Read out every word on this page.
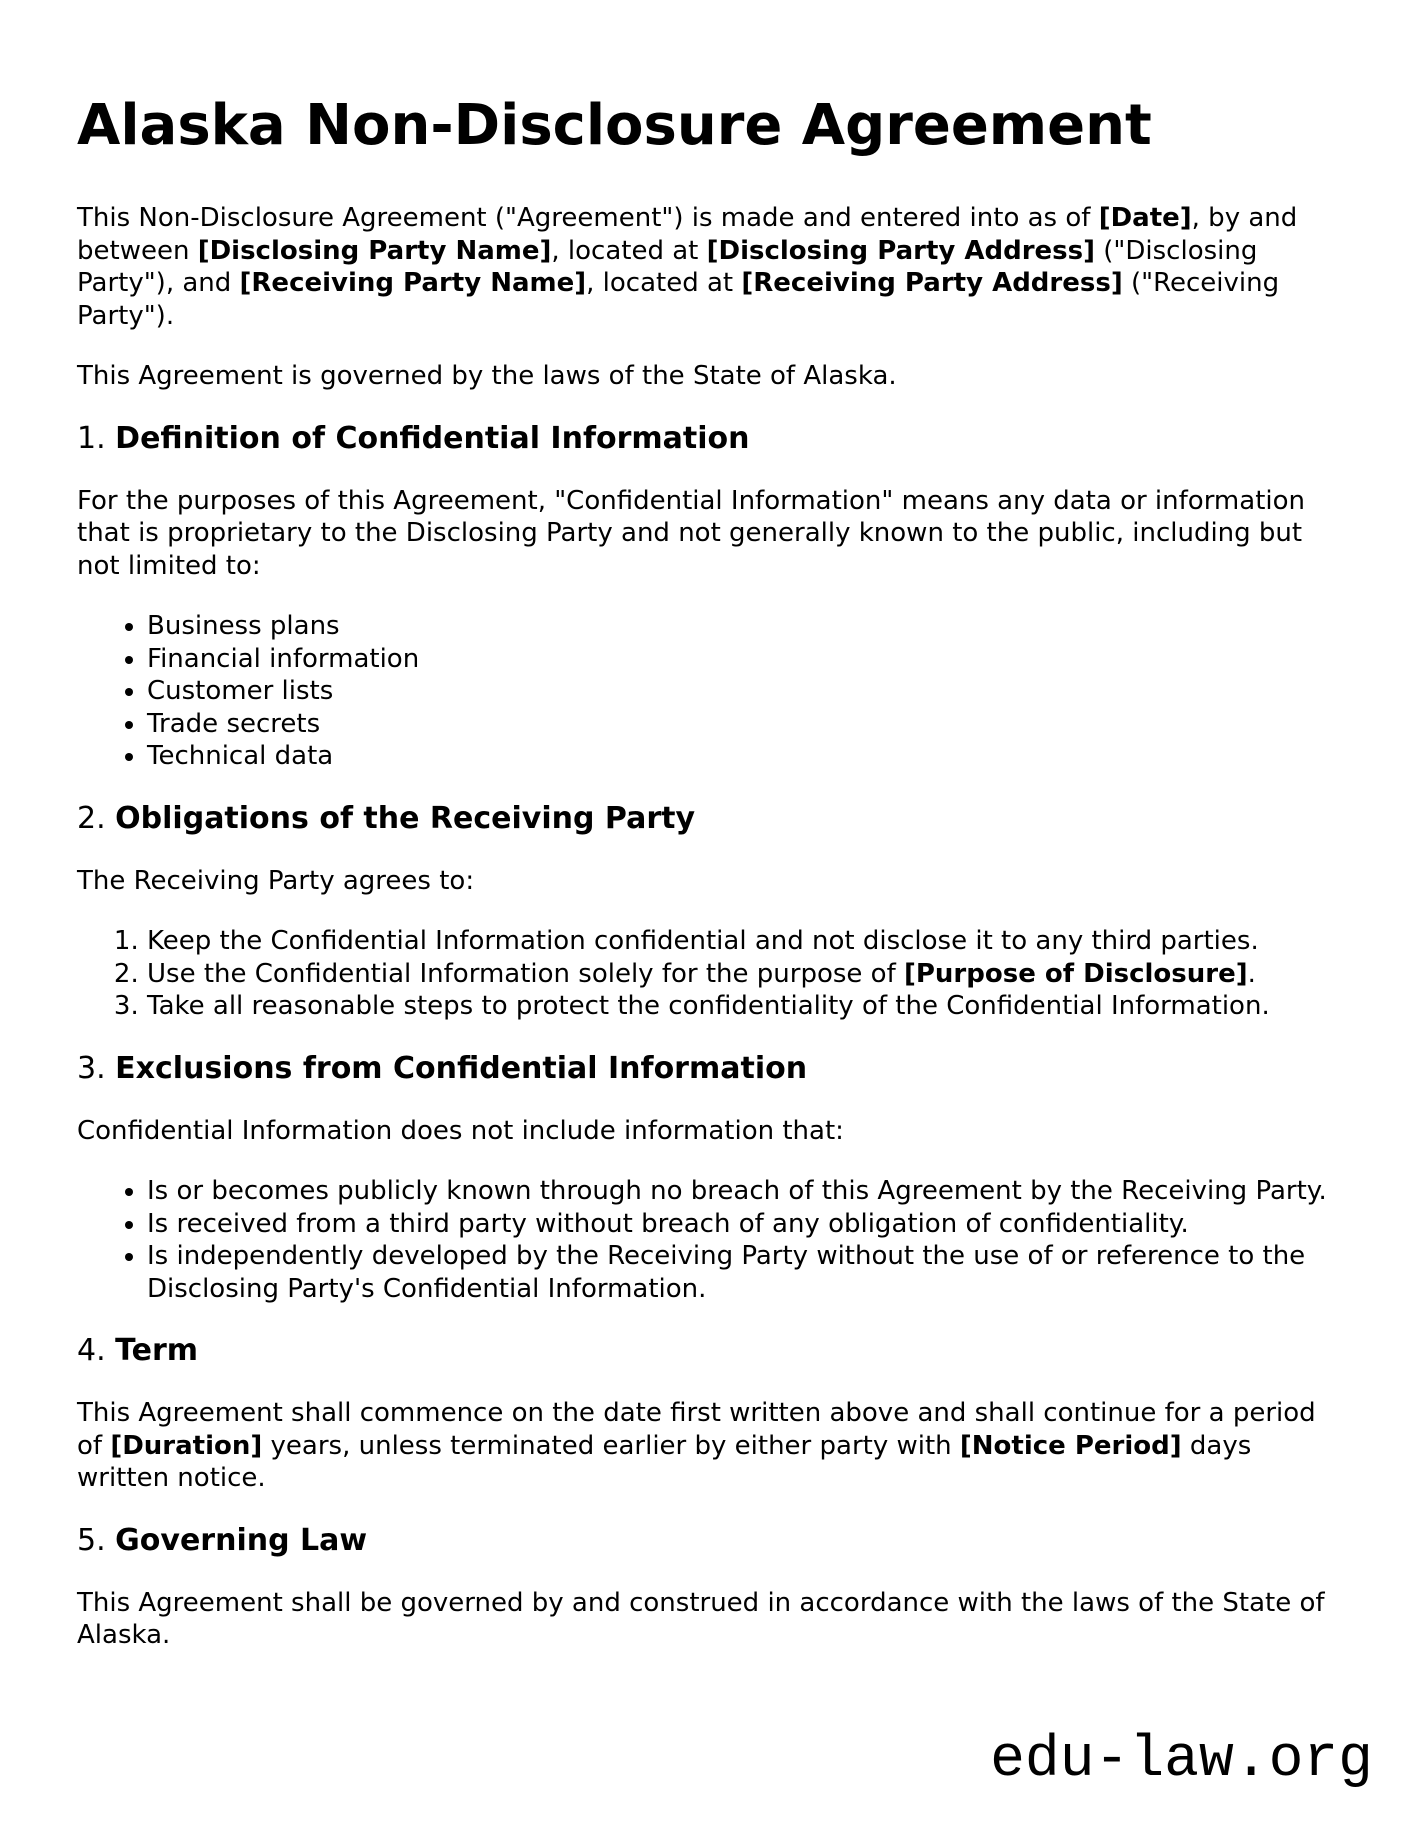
Alaska Non-Disclosure Agreement

This Non-Disclosure Agreement ("Agreement") is made and entered into as of [Date], by and between [Disclosing Party Name], located at [Disclosing Party Address] ("Disclosing Party"), and [Receiving Party Name], located at [Receiving Party Address] ("Receiving Party").

This Agreement is governed by the laws of the State of Alaska.

1. Definition of Confidential Information

For the purposes of this Agreement, "Confidential Information" means any data or information that is proprietary to the Disclosing Party and not generally known to the public, including but not limited to:

• Business plans
• Financial information
• Customer lists
• Trade secrets
• Technical data
2. Obligations of the Receiving Party

The Receiving Party agrees to:

1. Keep the Confidential Information confidential and not disclose it to any third parties.
2. Use the Confidential Information solely for the purpose of [Purpose of Disclosure].
3. Take all reasonable steps to protect the confidentiality of the Confidential Information.
3. Exclusions from Confidential Information

Confidential Information does not include information that:

• Is or becomes publicly known through no breach of this Agreement by the Receiving Party.
• Is received from a third party without breach of any obligation of confidentiality.
• Is independently developed by the Receiving Party without the use of or reference to the Disclosing Party's Confidential Information.
4. Term

This Agreement shall commence on the date first written above and shall continue for a period of [Duration] years, unless terminated earlier by either party with [Notice Period] days written notice.

5. Governing Law

This Agreement shall be governed by and construed in accordance with the laws of the State of Alaska.

edu-law.org
